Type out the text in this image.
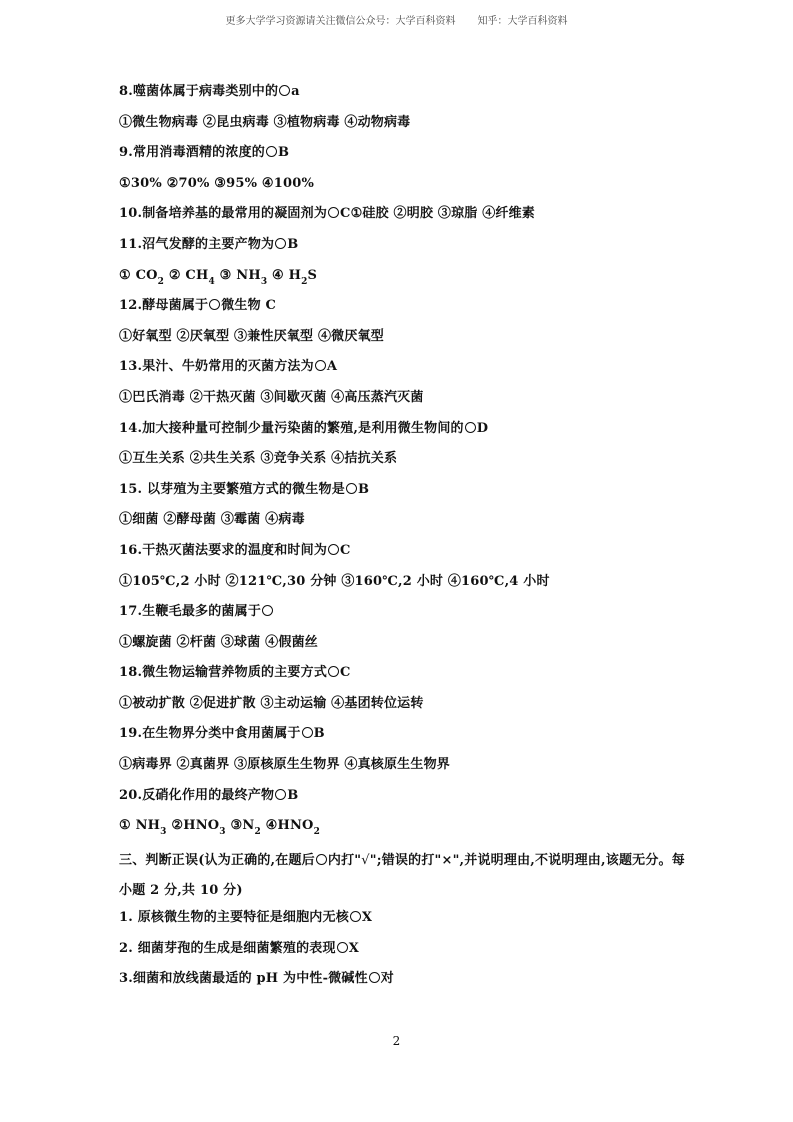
更多大学学习资源请关注微信公众号：大学百科资料 知乎：大学百科资料
8.噬菌体属于病毒类别中的 a
①微生物病毒 ②昆虫病毒 ③植物病毒 ④动物病毒
9.常用消毒酒精的浓度的 B
①30% ②70% ③95% ④100%
10.制备培养基的最常用的凝固剂为 C①硅胶 ②明胶 ③琼脂 ④纤维素
11.沼气发酵的主要产物为 B
① $CO_2$ ② $CH_4$ ③ $NH_3$ ④ $H_2S$
12.酵母菌属于 微生物 C
①好氧型 ②厌氧型 ③兼性厌氧型 ④微厌氧型
13.果汁、牛奶常用的灭菌方法为 A
①巴氏消毒 ②干热灭菌 ③间歇灭菌 ④高压蒸汽灭菌
14.加大接种量可控制少量污染菌的繁殖,是利用微生物间的 D
①互生关系 ②共生关系 ③竞争关系 ④拮抗关系
15. 以芽殖为主要繁殖方式的微生物是 B
①细菌 ②酵母菌 ③霉菌 ④病毒
16.干热灭菌法要求的温度和时间为 C
①105℃,2 小时 ②121℃,30 分钟 ③160℃,2 小时 ④160℃,4 小时
17.生鞭毛最多的菌属于
①螺旋菌 ②杆菌 ③球菌 ④假菌丝
18.微生物运输营养物质的主要方式 C
①被动扩散 ②促进扩散 ③主动运输 ④基团转位运转
19.在生物界分类中食用菌属于 B
①病毒界 ②真菌界 ③原核原生生物界 ④真核原生生物界
20.反硝化作用的最终产物 B
① $NH_3$ $②HNO_3$ $③N_2$ $④HNO_2$
三、判断正误(认为正确的,在题后 内打"√";错误的打"×",并说明理由,不说明理由,该题无分。每小题 2 分,共 10 分)
1. 原核微生物的主要特征是细胞内无核 X
2. 细菌芽孢的生成是细菌繁殖的表现 X
3.细菌和放线菌最适的 pH 为中性-微碱性 对
2
